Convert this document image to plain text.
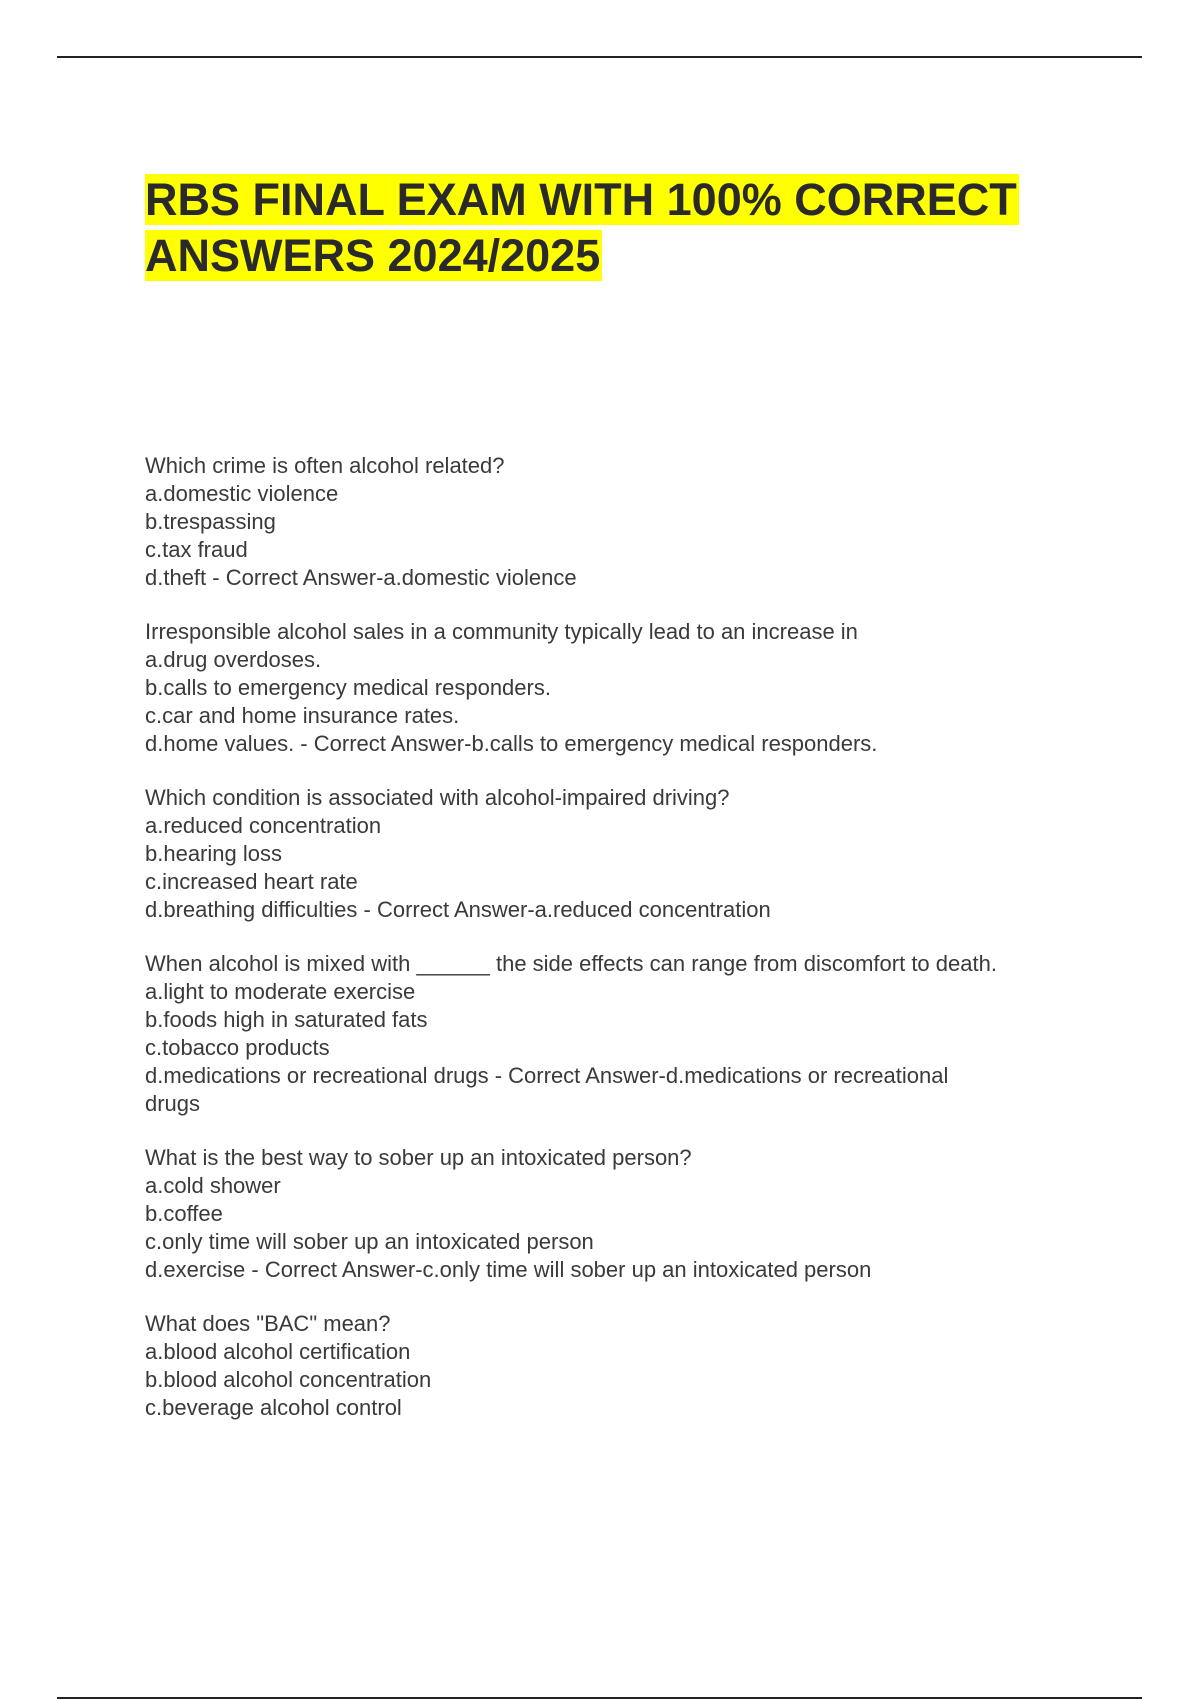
RBS FINAL EXAM WITH 100% CORRECT
ANSWERS 2024/2025
Which crime is often alcohol related?
a.domestic violence
b.trespassing
c.tax fraud
d.theft - Correct Answer-a.domestic violence
Irresponsible alcohol sales in a community typically lead to an increase in
a.drug overdoses.
b.calls to emergency medical responders.
c.car and home insurance rates.
d.home values. - Correct Answer-b.calls to emergency medical responders.
Which condition is associated with alcohol-impaired driving?
a.reduced concentration
b.hearing loss
c.increased heart rate
d.breathing difficulties - Correct Answer-a.reduced concentration
When alcohol is mixed with ______ the side effects can range from discomfort to death.
a.light to moderate exercise
b.foods high in saturated fats
c.tobacco products
d.medications or recreational drugs - Correct Answer-d.medications or recreational
drugs
What is the best way to sober up an intoxicated person?
a.cold shower
b.coffee
c.only time will sober up an intoxicated person
d.exercise - Correct Answer-c.only time will sober up an intoxicated person
What does "BAC" mean?
a.blood alcohol certification
b.blood alcohol concentration
c.beverage alcohol control
